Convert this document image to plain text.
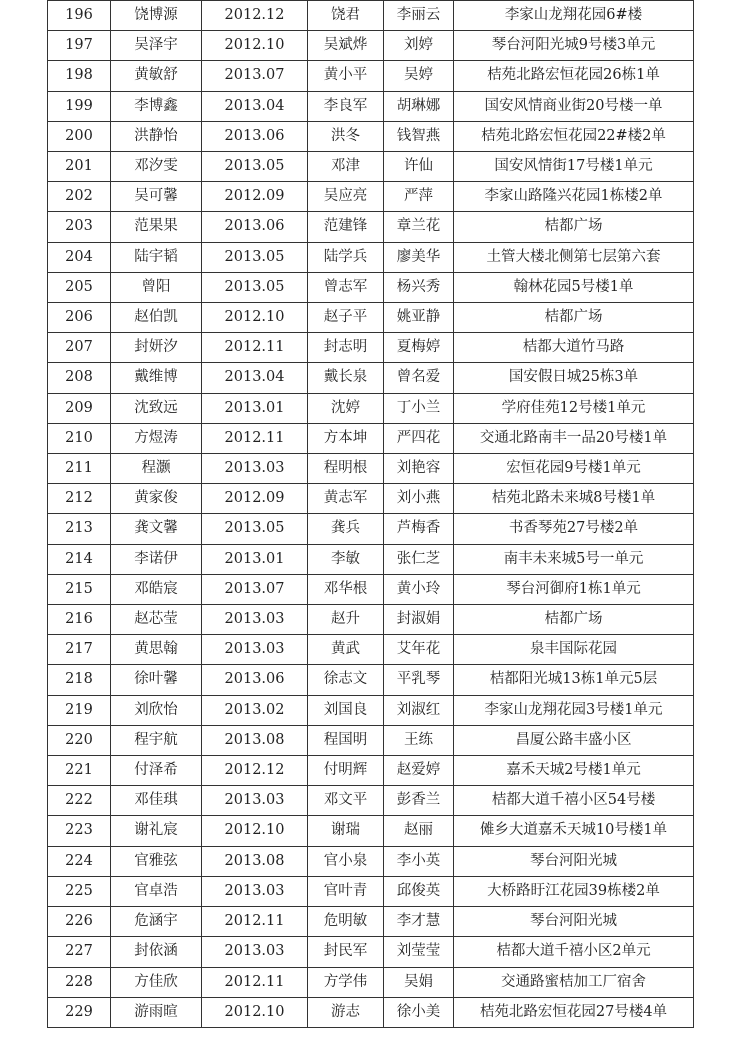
196	饶博源	2012.12	饶君	李丽云	李家山龙翔花园6#楼
197	吴泽宇	2012.10	吴斌烨	刘婷	琴台河阳光城9号楼3单元
198	黄敏舒	2013.07	黄小平	吴婷	桔苑北路宏恒花园26栋1单
199	李博鑫	2013.04	李良军	胡琳娜	国安风情商业街20号楼一单
200	洪静怡	2013.06	洪冬	钱智燕	桔苑北路宏恒花园22#楼2单
201	邓汐雯	2013.05	邓津	许仙	国安风情街17号楼1单元
202	吴可馨	2012.09	吴应亮	严萍	李家山路隆兴花园1栋楼2单
203	范果果	2013.06	范建锋	章兰花	桔都广场
204	陆宇韬	2013.05	陆学兵	廖美华	土管大楼北侧第七层第六套
205	曾阳	2013.05	曾志军	杨兴秀	翰林花园5号楼1单
206	赵伯凯	2012.10	赵子平	姚亚静	桔都广场
207	封妍汐	2012.11	封志明	夏梅婷	桔都大道竹马路
208	戴维博	2013.04	戴长泉	曾名爱	国安假日城25栋3单
209	沈致远	2013.01	沈婷	丁小兰	学府佳苑12号楼1单元
210	方煜涛	2012.11	方本坤	严四花	交通北路南丰一品20号楼1单
211	程灏	2013.03	程明根	刘艳容	宏恒花园9号楼1单元
212	黄家俊	2012.09	黄志军	刘小燕	桔苑北路未来城8号楼1单
213	龚文馨	2013.05	龚兵	芦梅香	书香琴苑27号楼2单
214	李诺伊	2013.01	李敏	张仁芝	南丰未来城5号一单元
215	邓皓宸	2013.07	邓华根	黄小玲	琴台河御府1栋1单元
216	赵芯莹	2013.03	赵升	封淑娟	桔都广场
217	黄思翰	2013.03	黄武	艾年花	泉丰国际花园
218	徐叶馨	2013.06	徐志文	平乳琴	桔都阳光城13栋1单元5层
219	刘欣怡	2013.02	刘国良	刘淑红	李家山龙翔花园3号楼1单元
220	程宇航	2013.08	程国明	王练	昌厦公路丰盛小区
221	付泽希	2012.12	付明辉	赵爱婷	嘉禾天城2号楼1单元
222	邓佳琪	2013.03	邓文平	彭香兰	桔都大道千禧小区54号楼
223	谢礼宸	2012.10	谢瑞	赵丽	傩乡大道嘉禾天城10号楼1单
224	官雅弦	2013.08	官小泉	李小英	琴台河阳光城
225	官卓浩	2013.03	官叶青	邱俊英	大桥路盱江花园39栋楼2单
226	危涵宇	2012.11	危明敏	李才慧	琴台河阳光城
227	封依涵	2013.03	封民军	刘莹莹	桔都大道千禧小区2单元
228	方佳欣	2012.11	方学伟	吴娟	交通路蜜桔加工厂宿舍
229	游雨暄	2012.10	游志	徐小美	桔苑北路宏恒花园27号楼4单
